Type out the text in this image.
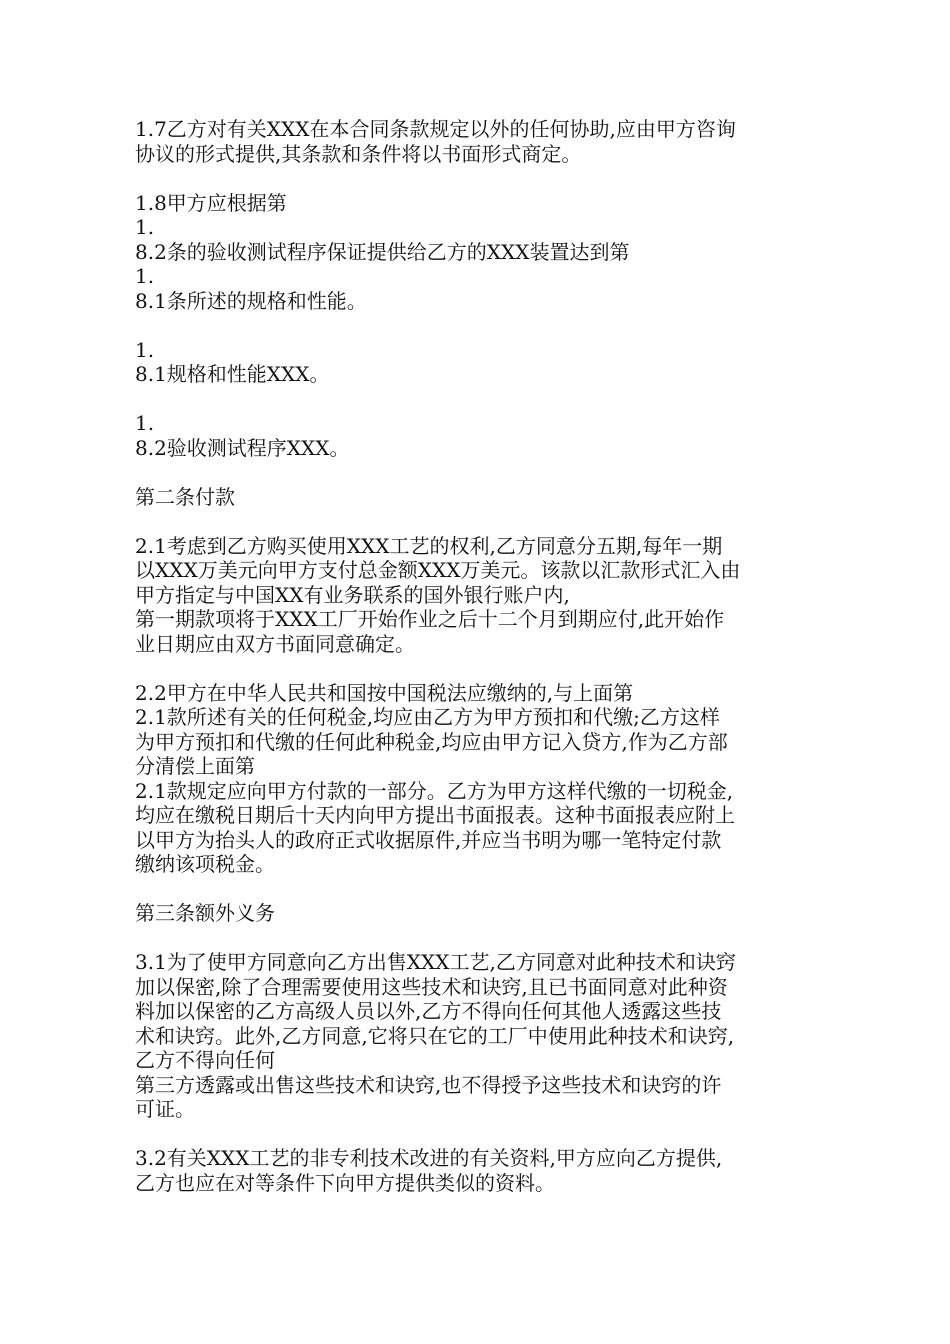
1.7乙方对有关XXX在本合同条款规定以外的任何协助,应由甲方咨询
协议的形式提供,其条款和条件将以书面形式商定。
1.8甲方应根据第
1.
8.2条的验收测试程序保证提供给乙方的XXX装置达到第
1.
8.1条所述的规格和性能。
1.
8.1规格和性能XXX。
1.
8.2验收测试程序XXX。
第二条付款
2.1考虑到乙方购买使用XXX工艺的权利,乙方同意分五期,每年一期
以XXX万美元向甲方支付总金额XXX万美元。该款以汇款形式汇入由
甲方指定与中国XX有业务联系的国外银行账户内,
第一期款项将于XXX工厂开始作业之后十二个月到期应付,此开始作
业日期应由双方书面同意确定。
2.2甲方在中华人民共和国按中国税法应缴纳的,与上面第
2.1款所述有关的任何税金,均应由乙方为甲方预扣和代缴;乙方这样
为甲方预扣和代缴的任何此种税金,均应由甲方记入贷方,作为乙方部
分清偿上面第
2.1款规定应向甲方付款的一部分。乙方为甲方这样代缴的一切税金,
均应在缴税日期后十天内向甲方提出书面报表。这种书面报表应附上
以甲方为抬头人的政府正式收据原件,并应当书明为哪一笔特定付款
缴纳该项税金。
第三条额外义务
3.1为了使甲方同意向乙方出售XXX工艺,乙方同意对此种技术和诀窍
加以保密,除了合理需要使用这些技术和诀窍,且已书面同意对此种资
料加以保密的乙方高级人员以外,乙方不得向任何其他人透露这些技
术和诀窍。此外,乙方同意,它将只在它的工厂中使用此种技术和诀窍,
乙方不得向任何
第三方透露或出售这些技术和诀窍,也不得授予这些技术和诀窍的许
可证。
3.2有关XXX工艺的非专利技术改进的有关资料,甲方应向乙方提供,
乙方也应在对等条件下向甲方提供类似的资料。
